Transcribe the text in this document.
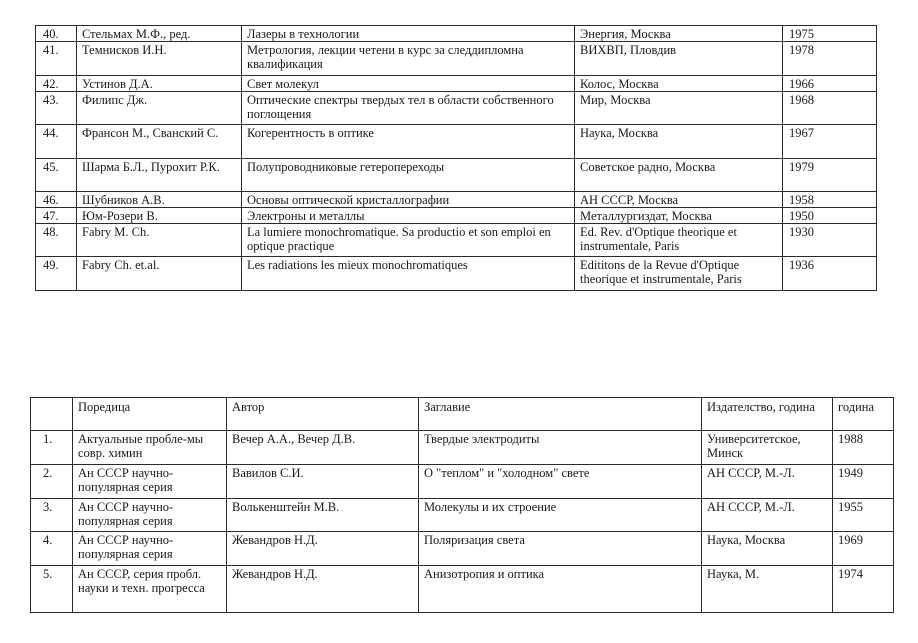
40.	Стельмах М.Ф., ред.	Лазеры в технологии	Энергия, Москва	1975
41.	Темнисков И.Н.	Метрология, лекции четени в курс за следдипломна квалификация	ВИХВП, Пловдив	1978
42.	Устинов Д.А.	Свет молекул	Колос, Москва	1966
43.	Филипс Дж.	Оптические спектры твердых тел в области собственного поглощения	Мир, Москва	1968
44.	Франсон М., Сванский С.	Когерентность в оптике	Наука, Москва	1967
45.	Шарма Б.Л., Пурохит Р.К.	Полупроводниковые гетеропереходы	Советское радно, Москва	1979
46.	Шубников А.В.	Основы оптической кристаллографии	АН СССР, Москва	1958
47.	Юм-Розери В.	Электроны и металлы	Металлургиздат, Москва	1950
48.	Fabry M. Ch.	La lumiere monochromatique. Sa productio et son emploi en optique practique	Ed. Rev. d'Optique theorique et instrumentale, Paris	1930
49.	Fabry Ch. et.al.	Les radiations les mieux monochromatiques	Edititons de la Revue d'Optique theorique et instrumentale, Paris	1936
	Поредица	Автор	Заглавие	Издателство, година	година
1.	Актуальные пробле-мы совр. химин	Вечер А.А., Вечер Д.В.	Твердые электродиты	Университетское, Минск	1988
2.	Ан СССР научно-популярная серия	Вавилов С.И.	О "теплом" и "холодном" свете	АН СССР, М.-Л.	1949
3.	Ан СССР научно-популярная серия	Волькенштейн М.В.	Молекулы и их строение	АН СССР, М.-Л.	1955
4.	Ан СССР научно-популярная серия	Жевандров Н.Д.	Поляризация света	Наука, Москва	1969
5.	Ан СССР, серия пробл. науки и техн. прогресса	Жевандров Н.Д.	Анизотропия и оптика	Наука, М.	1974
